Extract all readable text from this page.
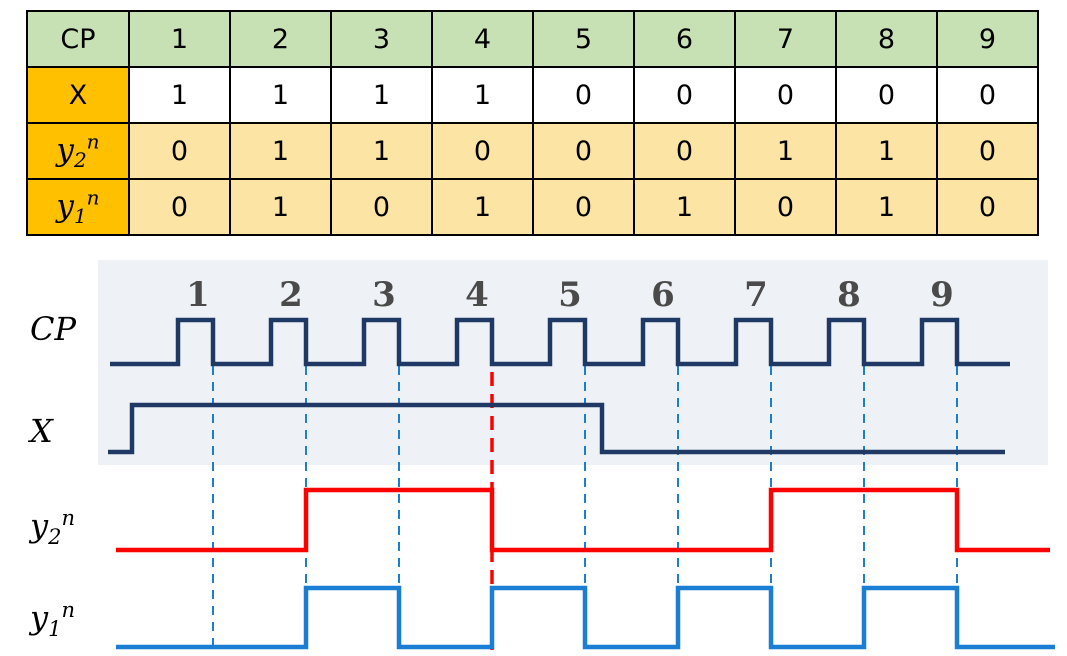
CP	1	2	3	4	5	6	7	8	9
X	1	1	1	1	0	0	0	0	0
$y_2^n$	0	1	1	0	0	0	1	1	0
$y_1^n$	0	1	0	1	0	1	0	1	0
CP
X
$y_2^n$
$y_1^n$
1 2 3 4 5 6 7 8 9
